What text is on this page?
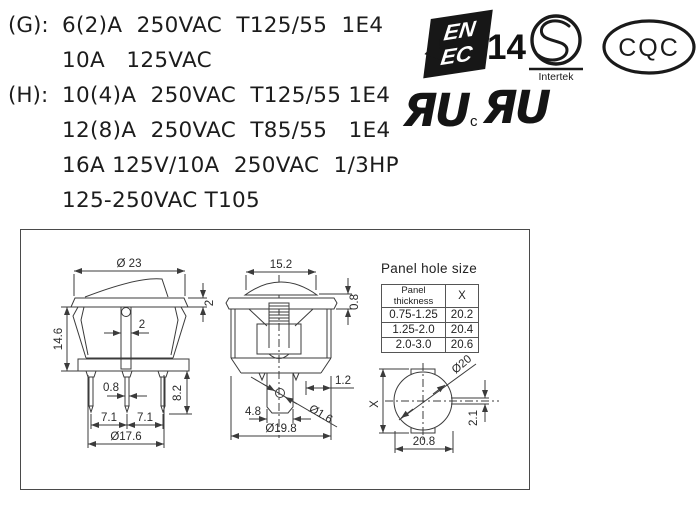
(G): 6(2)A  250VAC  T125/55  1E4
10A   125VAC
(H): 10(4)A  250VAC  T125/55 1E4
12(8)A  250VAC  T85/55   1E4
16A 125V/10A  250VAC  1/3HP
125-250VAC T105
EN
EC 14
Intertek
CQC
ЯU c ЯU
Ø 23
2
14.6
2
0.8	8.2
7.1 7.1
Ø17.6
15.2
0.8
1.2
Ø1.6
4.8
Ø19.8
Ø20
X
20.8
2.1
Panel hole size
Panel thickness	X
0.75-1.25	20.2
1.25-2.0	20.4
2.0-3.0	20.6
